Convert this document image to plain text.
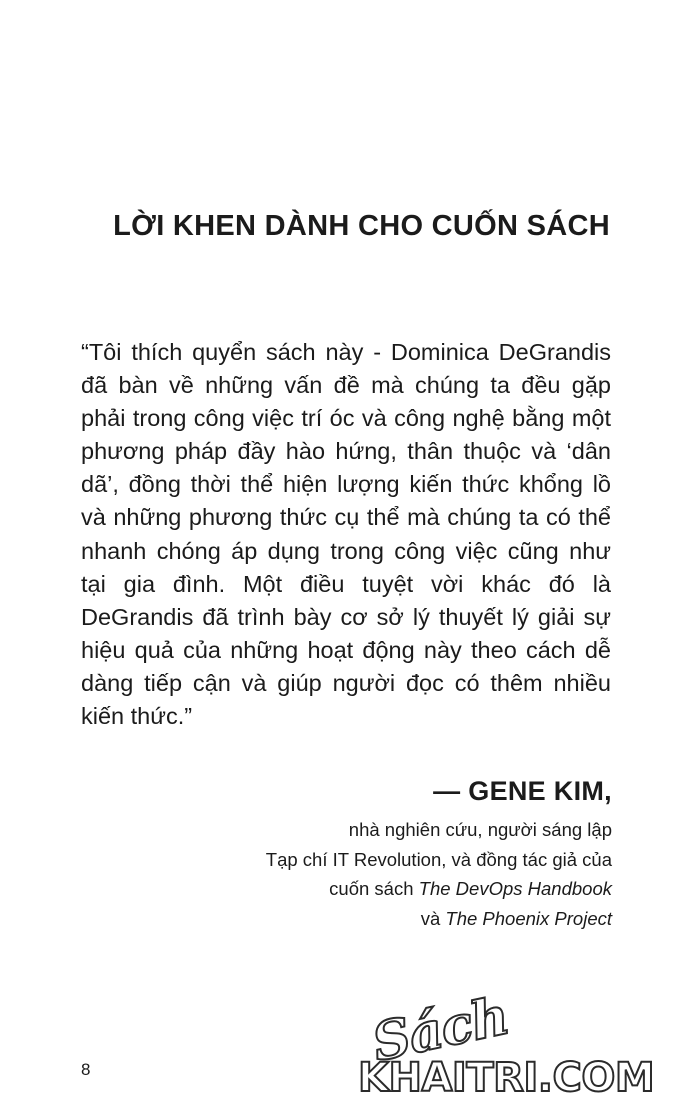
LỜI KHEN DÀNH CHO CUỐN SÁCH

“Tôi thích quyển sách này - Dominica DeGrandis đã bàn về những vấn đề mà chúng ta đều gặp phải trong công việc trí óc và công nghệ bằng một phương pháp đầy hào hứng, thân thuộc và ‘dân dã’, đồng thời thể hiện lượng kiến thức khổng lồ và những phương thức cụ thể mà chúng ta có thể nhanh chóng áp dụng trong công việc cũng như tại gia đình. Một điều tuyệt vời khác đó là DeGrandis đã trình bày cơ sở lý thuyết lý giải sự hiệu quả của những hoạt động này theo cách dễ dàng tiếp cận và giúp người đọc có thêm nhiều kiến thức.”

— GENE KIM,
nhà nghiên cứu, người sáng lập
Tạp chí IT Revolution, và đồng tác giả của
cuốn sách The DevOps Handbook
và The Phoenix Project
8	Sách
KHAITRI.COM
